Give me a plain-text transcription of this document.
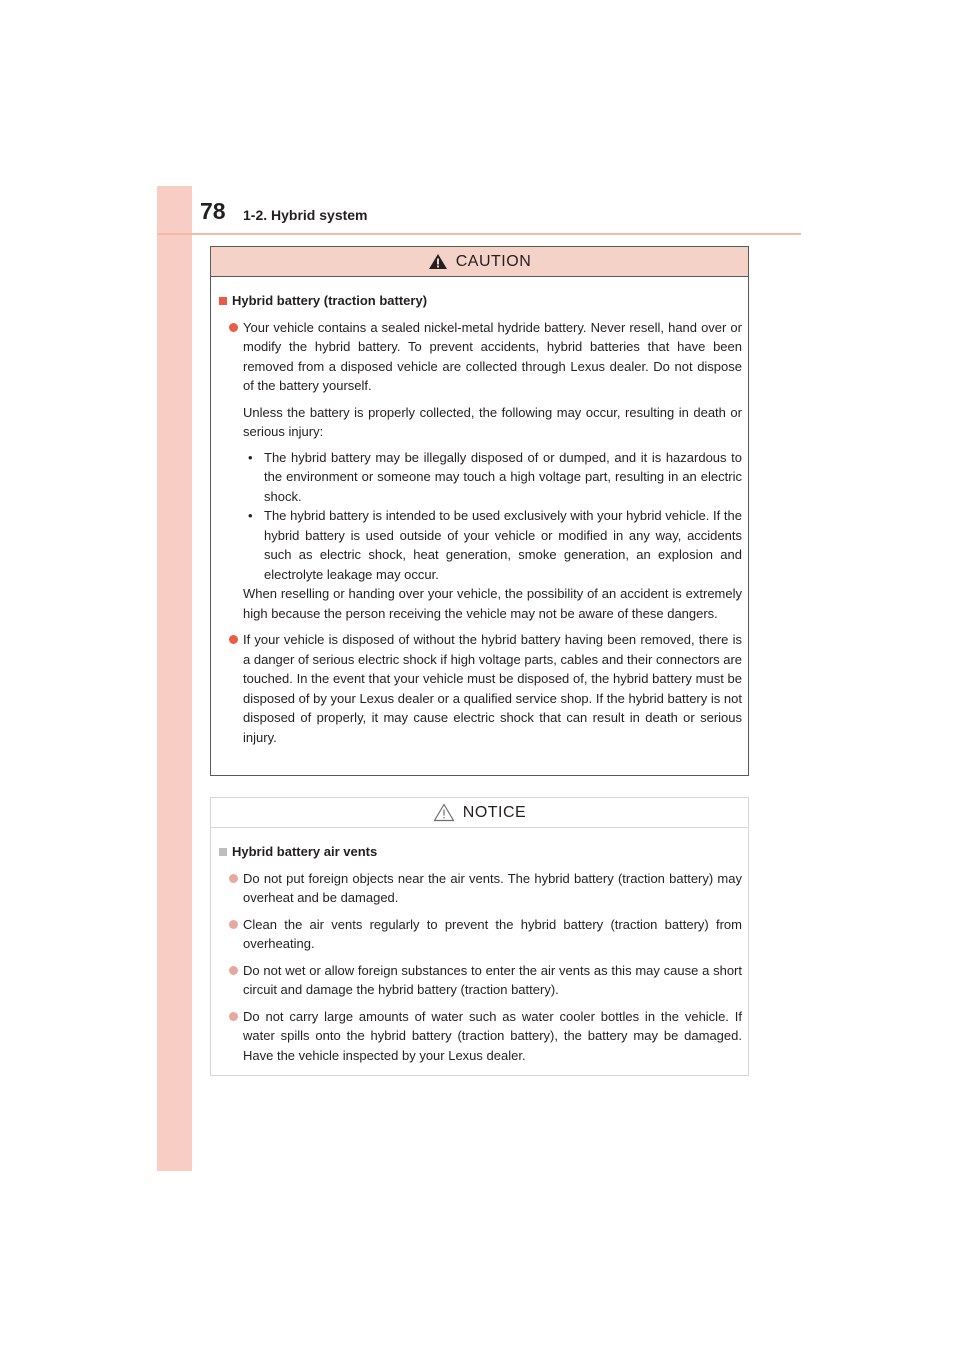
78 1-2. Hybrid system
CAUTION
Hybrid battery (traction battery)
Your vehicle contains a sealed nickel-metal hydride battery. Never resell, hand over or modify the hybrid battery. To prevent accidents, hybrid batteries that have been removed from a disposed vehicle are collected through Lexus dealer. Do not dispose of the battery yourself.
Unless the battery is properly collected, the following may occur, resulting in death or serious injury:
• The hybrid battery may be illegally disposed of or dumped, and it is hazardous to the environment or someone may touch a high voltage part, resulting in an electric shock.
• The hybrid battery is intended to be used exclusively with your hybrid vehicle. If the hybrid battery is used outside of your vehicle or modified in any way, accidents such as electric shock, heat generation, smoke generation, an explosion and electrolyte leakage may occur.
When reselling or handing over your vehicle, the possibility of an accident is extremely high because the person receiving the vehicle may not be aware of these dangers.
If your vehicle is disposed of without the hybrid battery having been removed, there is a danger of serious electric shock if high voltage parts, cables and their connectors are touched. In the event that your vehicle must be disposed of, the hybrid battery must be disposed of by your Lexus dealer or a qualified service shop. If the hybrid battery is not disposed of properly, it may cause electric shock that can result in death or serious injury.
NOTICE
Hybrid battery air vents
Do not put foreign objects near the air vents. The hybrid battery (traction battery) may overheat and be damaged.
Clean the air vents regularly to prevent the hybrid battery (traction battery) from overheating.
Do not wet or allow foreign substances to enter the air vents as this may cause a short circuit and damage the hybrid battery (traction battery).
Do not carry large amounts of water such as water cooler bottles in the vehicle. If water spills onto the hybrid battery (traction battery), the battery may be damaged. Have the vehicle inspected by your Lexus dealer.
